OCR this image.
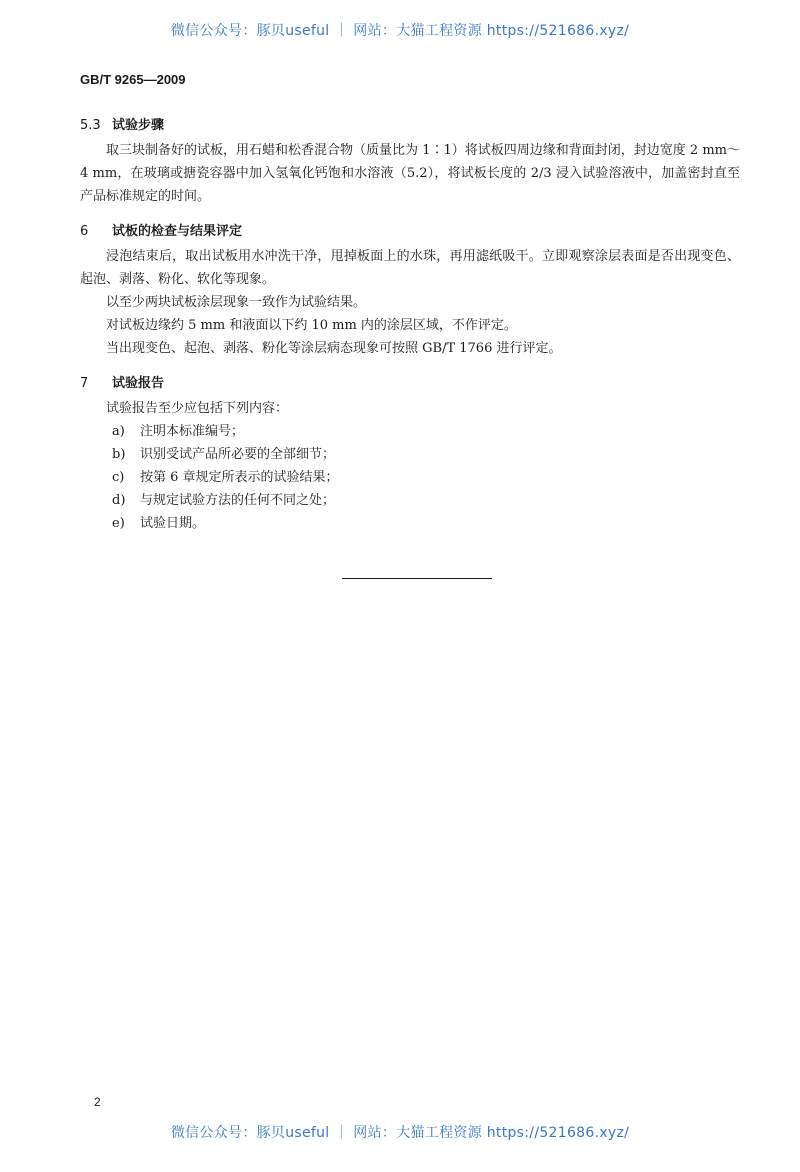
微信公众号：豚贝useful ｜ 网站：大猫工程资源 https://521686.xyz/
GB/T 9265—2009
5.3 试验步骤
取三块制备好的试板，用石蜡和松香混合物（质量比为 1∶1）将试板四周边缘和背面封闭，封边宽度 2 mm～4 mm，在玻璃或搪瓷容器中加入氢氧化钙饱和水溶液（5.2），将试板长度的 2/3 浸入试验溶液中，加盖密封直至产品标准规定的时间。
6 试板的检查与结果评定
浸泡结束后，取出试板用水冲洗干净，甩掉板面上的水珠，再用滤纸吸干。立即观察涂层表面是否出现变色、起泡、剥落、粉化、软化等现象。
以至少两块试板涂层现象一致作为试验结果。
对试板边缘约 5 mm 和液面以下约 10 mm 内的涂层区域，不作评定。
当出现变色、起泡、剥落、粉化等涂层病态现象可按照 GB/T 1766 进行评定。
7 试验报告
试验报告至少应包括下列内容：
a) 注明本标准编号；
b) 识别受试产品所必要的全部细节；
c) 按第 6 章规定所表示的试验结果；
d) 与规定试验方法的任何不同之处；
e) 试验日期。
2
微信公众号：豚贝useful ｜ 网站：大猫工程资源 https://521686.xyz/
